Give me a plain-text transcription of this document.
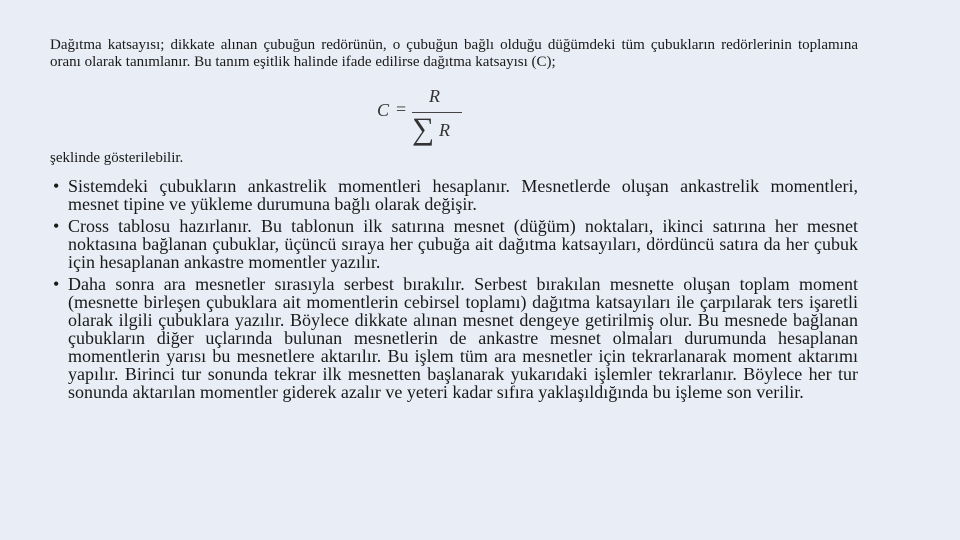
Dağıtma katsayısı; dikkate alınan çubuğun redörünün, o çubuğun bağlı olduğu düğümdeki tüm çubukların redörlerinin toplamına oranı olarak tanımlanır. Bu tanım eşitlik halinde ifade edilirse dağıtma katsayısı (C);

C =
R
∑ R

şeklinde gösterilebilir.

• Sistemdeki çubukların ankastrelik momentleri hesaplanır. Mesnetlerde oluşan ankastrelik momentleri, mesnet tipine ve yükleme durumuna bağlı olarak değişir.
• Cross tablosu hazırlanır. Bu tablonun ilk satırına mesnet (düğüm) noktaları, ikinci satırına her mesnet noktasına bağlanan çubuklar, üçüncü sıraya her çubuğa ait dağıtma katsayıları, dördüncü satıra da her çubuk için hesaplanan ankastre momentler yazılır.
• Daha sonra ara mesnetler sırasıyla serbest bırakılır. Serbest bırakılan mesnette oluşan toplam moment (mesnette birleşen çubuklara ait momentlerin cebirsel toplamı) dağıtma katsayıları ile çarpılarak ters işaretli olarak ilgili çubuklara yazılır. Böylece dikkate alınan mesnet dengeye getirilmiş olur. Bu mesnede bağlanan çubukların diğer uçlarında bulunan mesnetlerin de ankastre mesnet olmaları durumunda hesaplanan momentlerin yarısı bu mesnetlere aktarılır. Bu işlem tüm ara mesnetler için tekrarlanarak moment aktarımı yapılır. Birinci tur sonunda tekrar ilk mesnetten başlanarak yukarıdaki işlemler tekrarlanır. Böylece her tur sonunda aktarılan momentler giderek azalır ve yeteri kadar sıfıra yaklaşıldığında bu işleme son verilir.
